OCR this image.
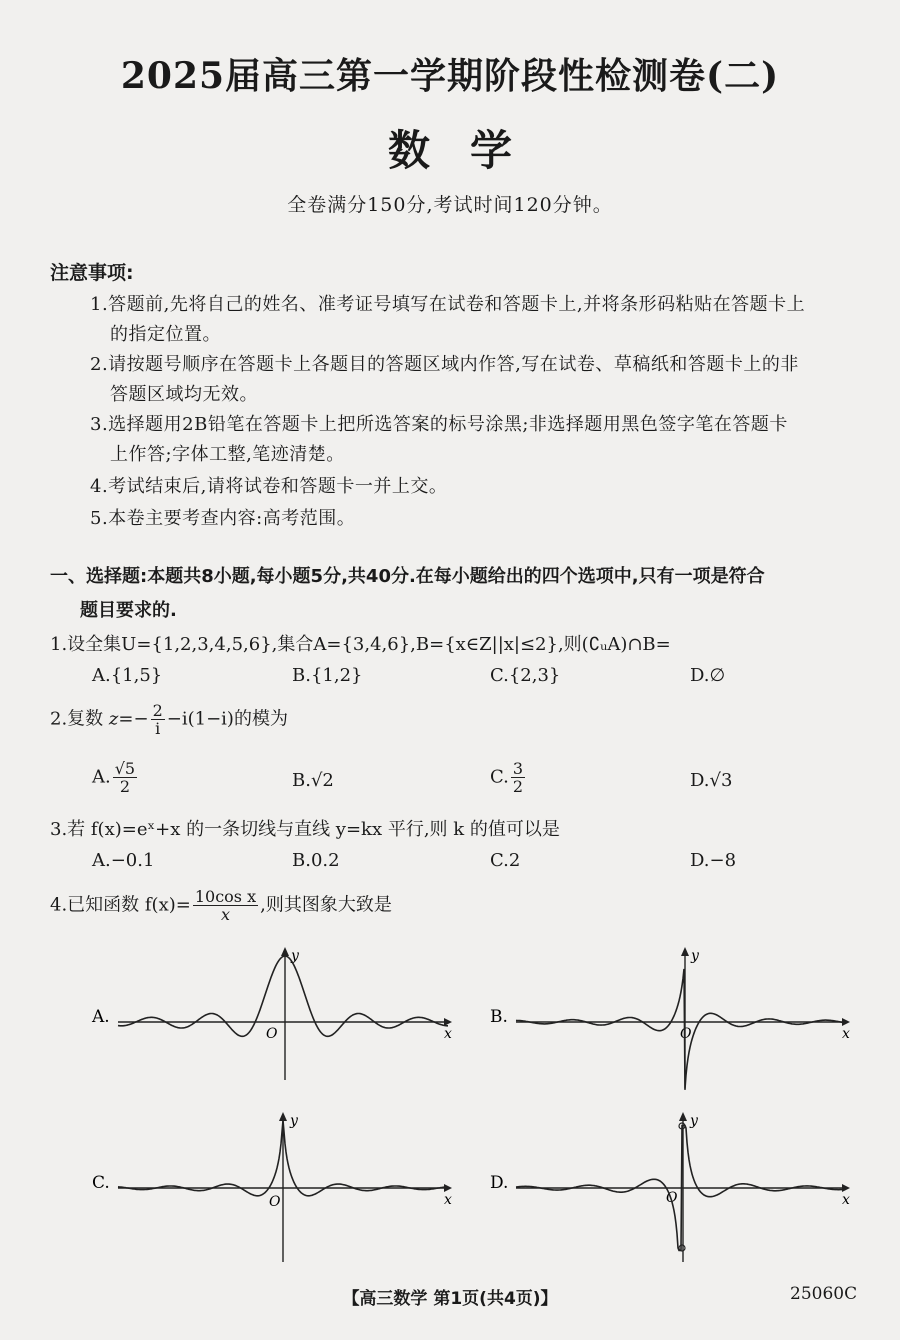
2025届高三第一学期阶段性检测卷(二)
数学
全卷满分150分,考试时间120分钟。
注意事项:
1.答题前,先将自己的姓名、准考证号填写在试卷和答题卡上,并将条形码粘贴在答题卡上
的指定位置。
2.请按题号顺序在答题卡上各题目的答题区域内作答,写在试卷、草稿纸和答题卡上的非
答题区域均无效。
3.选择题用2B铅笔在答题卡上把所选答案的标号涂黑;非选择题用黑色签字笔在答题卡
上作答;字体工整,笔迹清楚。
4.考试结束后,请将试卷和答题卡一并上交。
5.本卷主要考查内容:高考范围。
一、选择题:本题共8小题,每小题5分,共40分.在每小题给出的四个选项中,只有一项是符合
题目要求的.
1.设全集U={1,2,3,4,5,6},集合A={3,4,6},B={x∈Z||x|≤2},则(∁ᵤA)∩B=
A.{1,5}	B.{1,2}	C.{2,3}	D.∅
2.复数 $z=- \frac{2}{i} -i(1-i)$的模为
A. $\frac{√5}{2}$	B.√2	C. $\frac{3}{2}$	D.√3
3.若 f(x)=eˣ+x 的一条切线与直线 y=kx 平行,则 k 的值可以是
A.−0.1	B.0.2	C.2	D.−8
4.已知函数 $f(x)= \frac{\text{10cos x}}{x}$ ,则其图象大致是
A.
x
y
O
B.
x
y
O
C.
x
y
O
D.
x
y
O
【高三数学 第1页(共4页)】	25060C
